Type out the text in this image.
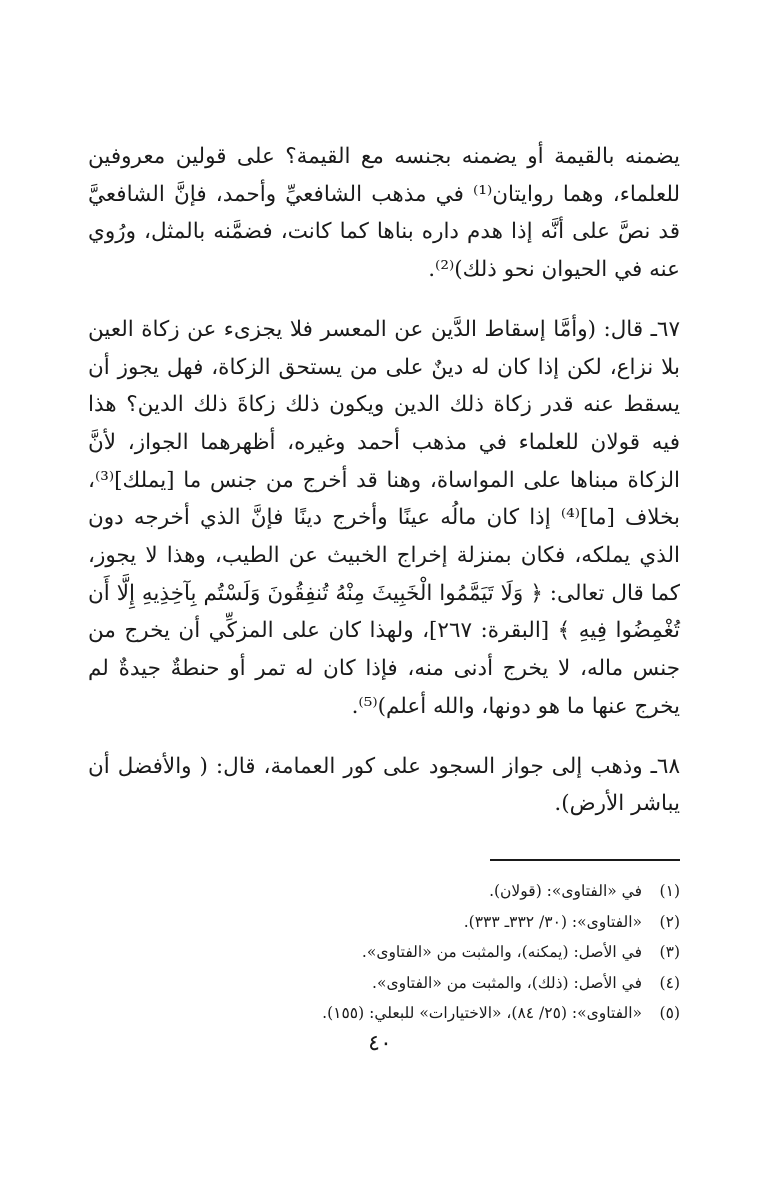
يضمنه بالقيمة أو يضمنه بجنسه مع القيمة؟ على قولين معروفين للعلماء، وهما روايتان⁽¹⁾ في مذهب الشافعيِّ وأحمد، فإنَّ الشافعيَّ قد نصَّ على أنَّه إذا هدم داره بناها كما كانت، فضمَّنه بالمثل، ورُوي عنه في الحيوان نحو ذلك)⁽²⁾.

٦٧ـ قال: (وأمَّا إسقاط الدَّين عن المعسر فلا يجزىء عن زكاة العين بلا نزاع، لكن إذا كان له دينٌ على من يستحق الزكاة، فهل يجوز أن يسقط عنه قدر زكاة ذلك الدين ويكون ذلك زكاةَ ذلك الدين؟ هذا فيه قولان للعلماء في مذهب أحمد وغيره، أظهرهما الجواز، لأنَّ الزكاة مبناها على المواساة، وهنا قد أخرج من جنس ما [يملك]⁽³⁾، بخلاف [ما]⁽⁴⁾ إذا كان مالُه عينًا وأخرج دينًا فإنَّ الذي أخرجه دون الذي يملكه، فكان بمنزلة إخراج الخبيث عن الطيب، وهذا لا يجوز، كما قال تعالى: ﴿ وَلَا تَيَمَّمُوا الْخَبِيثَ مِنْهُ تُنفِقُونَ وَلَسْتُم بِآخِذِيهِ إِلَّا أَن تُغْمِضُوا فِيهِ ﴾ [البقرة: ٢٦٧]، ولهذا كان على المزكِّي أن يخرج من جنس ماله، لا يخرج أدنى منه، فإذا كان له تمر أو حنطةٌ جيدةٌ لم يخرج عنها ما هو دونها، والله أعلم)⁽⁵⁾.

٦٨ـ وذهب إلى جواز السجود على كور العمامة، قال: ( والأفضل أن يباشر الأرض).

(١)في «الفتاوى»: (قولان).

(٢)«الفتاوى»: (٣٠/ ٣٣٢ـ ٣٣٣).

(٣)في الأصل: (يمكنه)، والمثبت من «الفتاوى».

(٤)في الأصل: (ذلك)، والمثبت من «الفتاوى».

(٥)«الفتاوى»: (٢٥/ ٨٤)، «الاختيارات» للبعلي: (١٥٥).

٤٠
